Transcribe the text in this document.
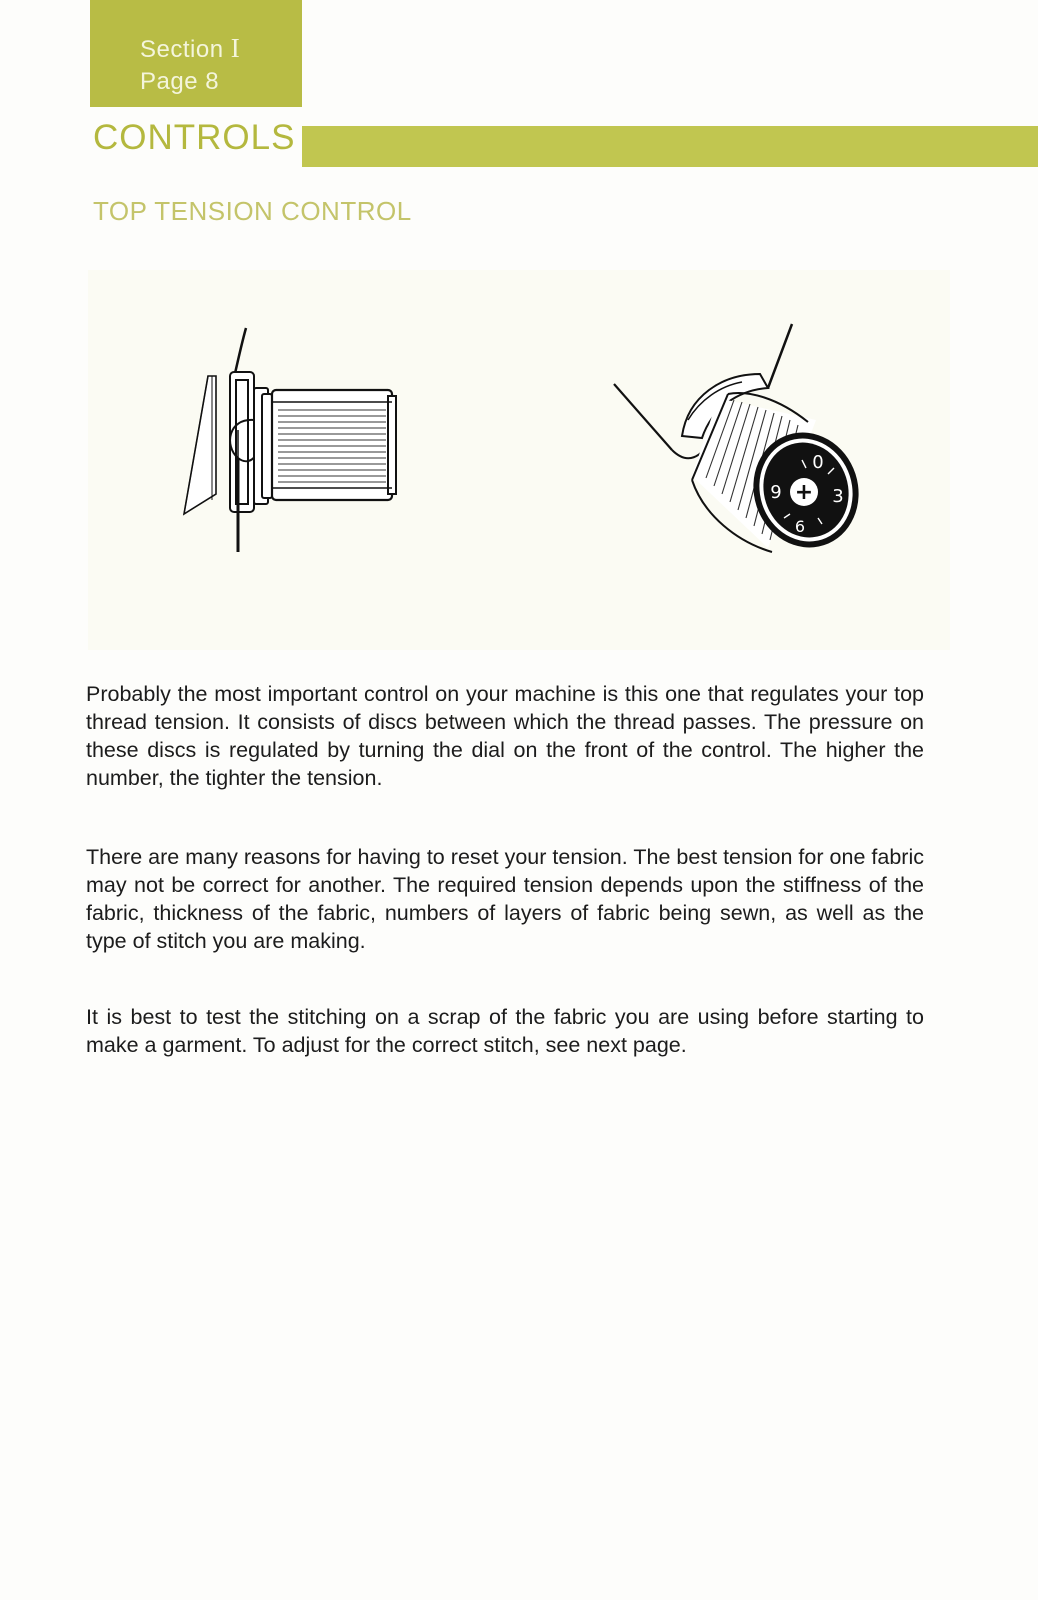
Section I
Page 8
CONTROLS
TOP TENSION CONTROL
+
0
3
6
9
Probably the most important control on your machine is this one that regulates your top thread tension. It consists of discs between which the thread passes. The pressure on these discs is regulated by turning the dial on the front of the control. The higher the number, the tighter the tension.
There are many reasons for having to reset your tension. The best tension for one fabric may not be correct for another. The required tension depends upon the stiffness of the fabric, thickness of the fabric, numbers of layers of fabric being sewn, as well as the type of stitch you are making.
It is best to test the stitching on a scrap of the fabric you are using before starting to make a garment. To adjust for the correct stitch, see next page.
